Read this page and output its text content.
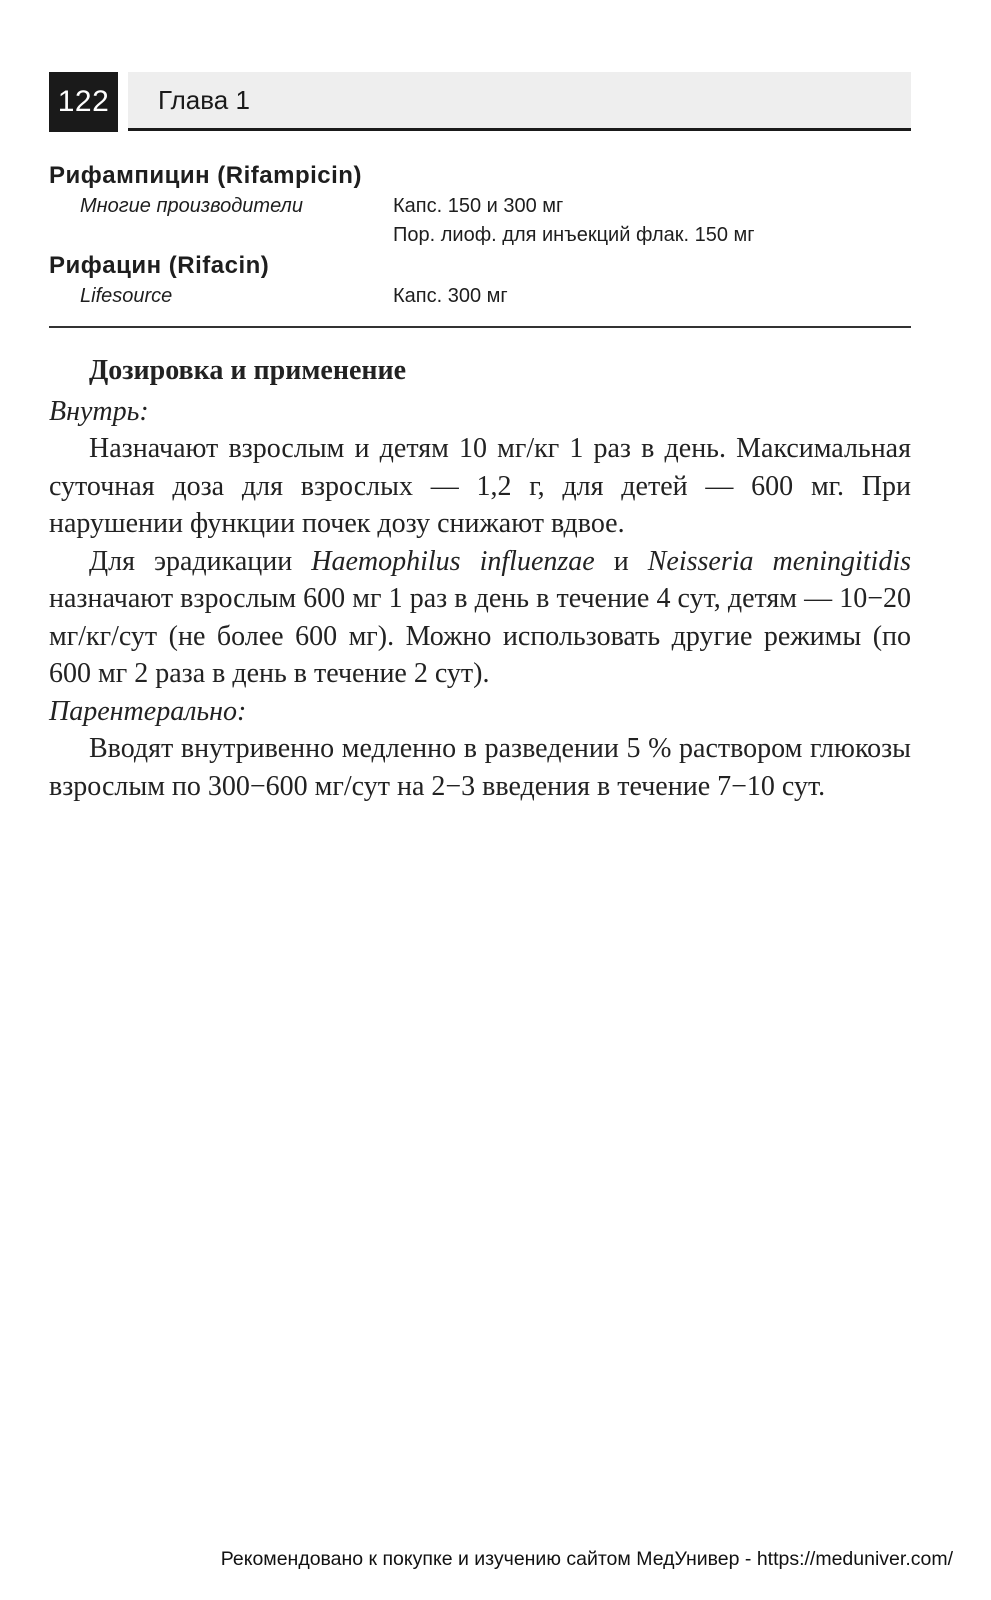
122	Глава 1
Рифампицин (Rifampicin)
Многие производители	Капс. 150 и 300 мг
Пор. лиоф. для инъекций флак. 150 мг
Рифацин (Rifacin)
Lifesource	Капс. 300 мг

Дозировка и применение

Внутрь:

Назначают взрослым и детям 10 мг/кг 1 раз в день. Максимальная суточная доза для взрослых — 1,2 г, для детей — 600 мг. При нарушении функции почек дозу снижают вдвое.

Для эрадикации Haemophilus influenzae и Neisseria meningitidis назначают взрослым 600 мг 1 раз в день в течение 4 сут, детям — 10−20 мг/кг/сут (не более 600 мг). Можно использовать другие режимы (по 600 мг 2 раза в день в течение 2 сут).

Парентерально:

Вводят внутривенно медленно в разведении 5 % раствором глюкозы взрослым по 300−600 мг/сут на 2−3 введения в течение 7−10 сут.

Рекомендовано к покупке и изучению сайтом МедУнивер - https://meduniver.com/
